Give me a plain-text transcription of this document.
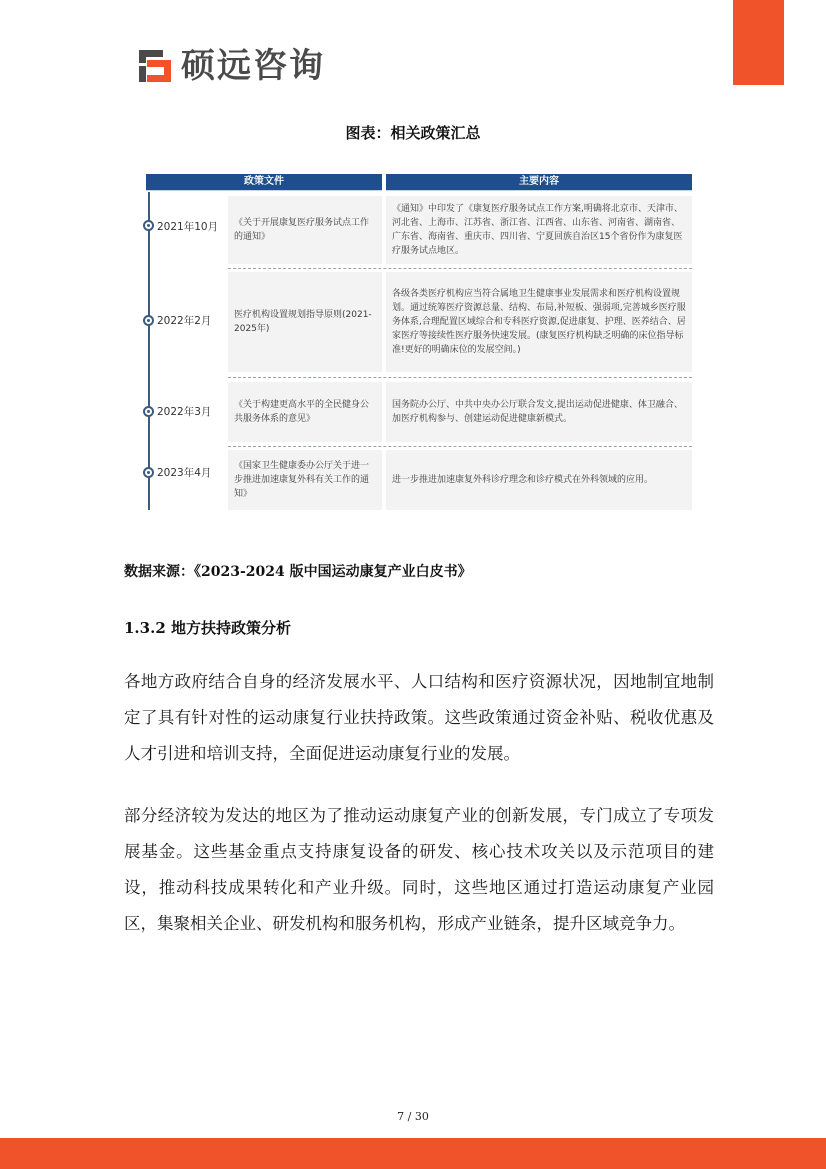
硕远咨询
图表：相关政策汇总
政策文件	主要内容
2021年10月 《关于开展康复医疗服务试点工作的通知》
《通知》中印发了《康复医疗服务试点工作方案,明确将北京市、天津市、河北省、上海市、江苏省、浙江省、江西省、山东省、河南省、湖南省、广东省、海南省、重庆市、四川省、宁夏回族自治区15个省份作为康复医疗服务试点地区。
2022年2月	医疗机构设置规划指导原则(2021-2025年)
各级各类医疗机构应当符合属地卫生健康事业发展需求和医疗机构设置规划。通过统筹医疗资源总量、结构、布局,补短板、强弱项,完善城乡医疗服务体系,合理配置区域综合和专科医疗资源,促进康复、护理、医养结合、居家医疗等接续性医疗服务快速发展。(康复医疗机构缺乏明确的床位指导标准!更好的明确床位的发展空间。)
2022年3月
《关于构建更高水平的全民健身公共服务体系的意见》
国务院办公厅、中共中央办公厅联合发文,提出运动促进健康、体卫融合、加医疗机构参与、创建运动促进健康新模式。
2023年4月
《国家卫生健康委办公厅关于进一步推进加速康复外科有关工作的通知》
进一步推进加速康复外科诊疗理念和诊疗模式在外科领域的应用。
数据来源：《2023-2024 版中国运动康复产业白皮书》
1.3.2 地方扶持政策分析

各地方政府结合自身的经济发展水平、人口结构和医疗资源状况，因地制宜地制定了具有针对性的运动康复行业扶持政策。这些政策通过资金补贴、税收优惠及人才引进和培训支持，全面促进运动康复行业的发展。

部分经济较为发达的地区为了推动运动康复产业的创新发展，专门成立了专项发展基金。这些基金重点支持康复设备的研发、核心技术攻关以及示范项目的建设，推动科技成果转化和产业升级。同时，这些地区通过打造运动康复产业园区，集聚相关企业、研发机构和服务机构，形成产业链条，提升区域竞争力。

7 / 30
